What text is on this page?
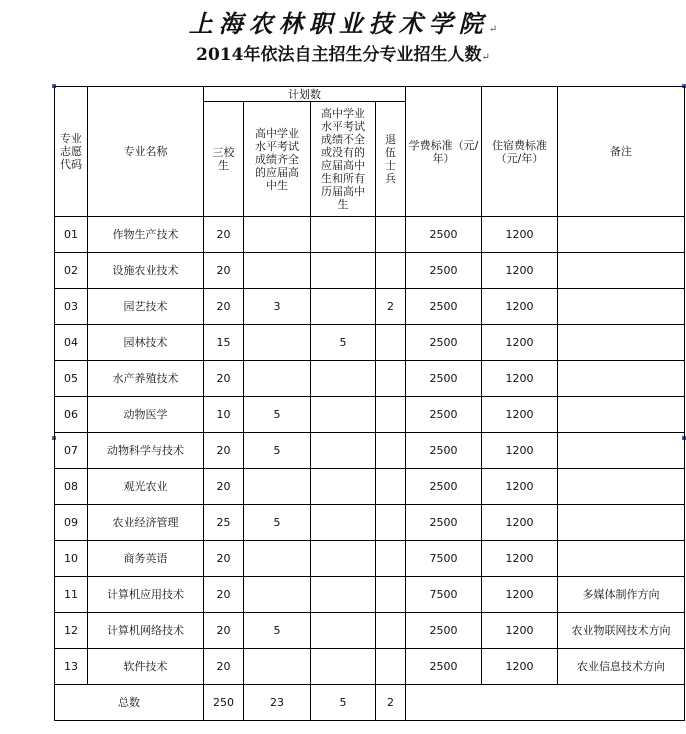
上海农林职业技术学院↵
2014年依法自主招生分专业招生人数↵
专业志愿代码	专业名称	计划数				学费标准（元/年）	住宿费标准（元/年）	备注
		三校生	高中学业水平考试成绩齐全的应届高中生	高中学业水平考试成绩不全或没有的应届高中生和所有历届高中生	退伍士兵			
01	作物生产技术	20				2500	1200	
02	设施农业技术	20				2500	1200	
03	园艺技术	20	3		2	2500	1200	
04	园林技术	15		5		2500	1200	
05	水产养殖技术	20				2500	1200	
06	动物医学	10	5			2500	1200	
07	动物科学与技术	20	5			2500	1200	
08	观光农业	20				2500	1200	
09	农业经济管理	25	5			2500	1200	
10	商务英语	20				7500	1200	
11	计算机应用技术	20				7500	1200	多媒体制作方向
12	计算机网络技术	20	5			2500	1200	农业物联网技术方向
13	软件技术	20				2500	1200	农业信息技术方向
总数		250	23	5	2			
